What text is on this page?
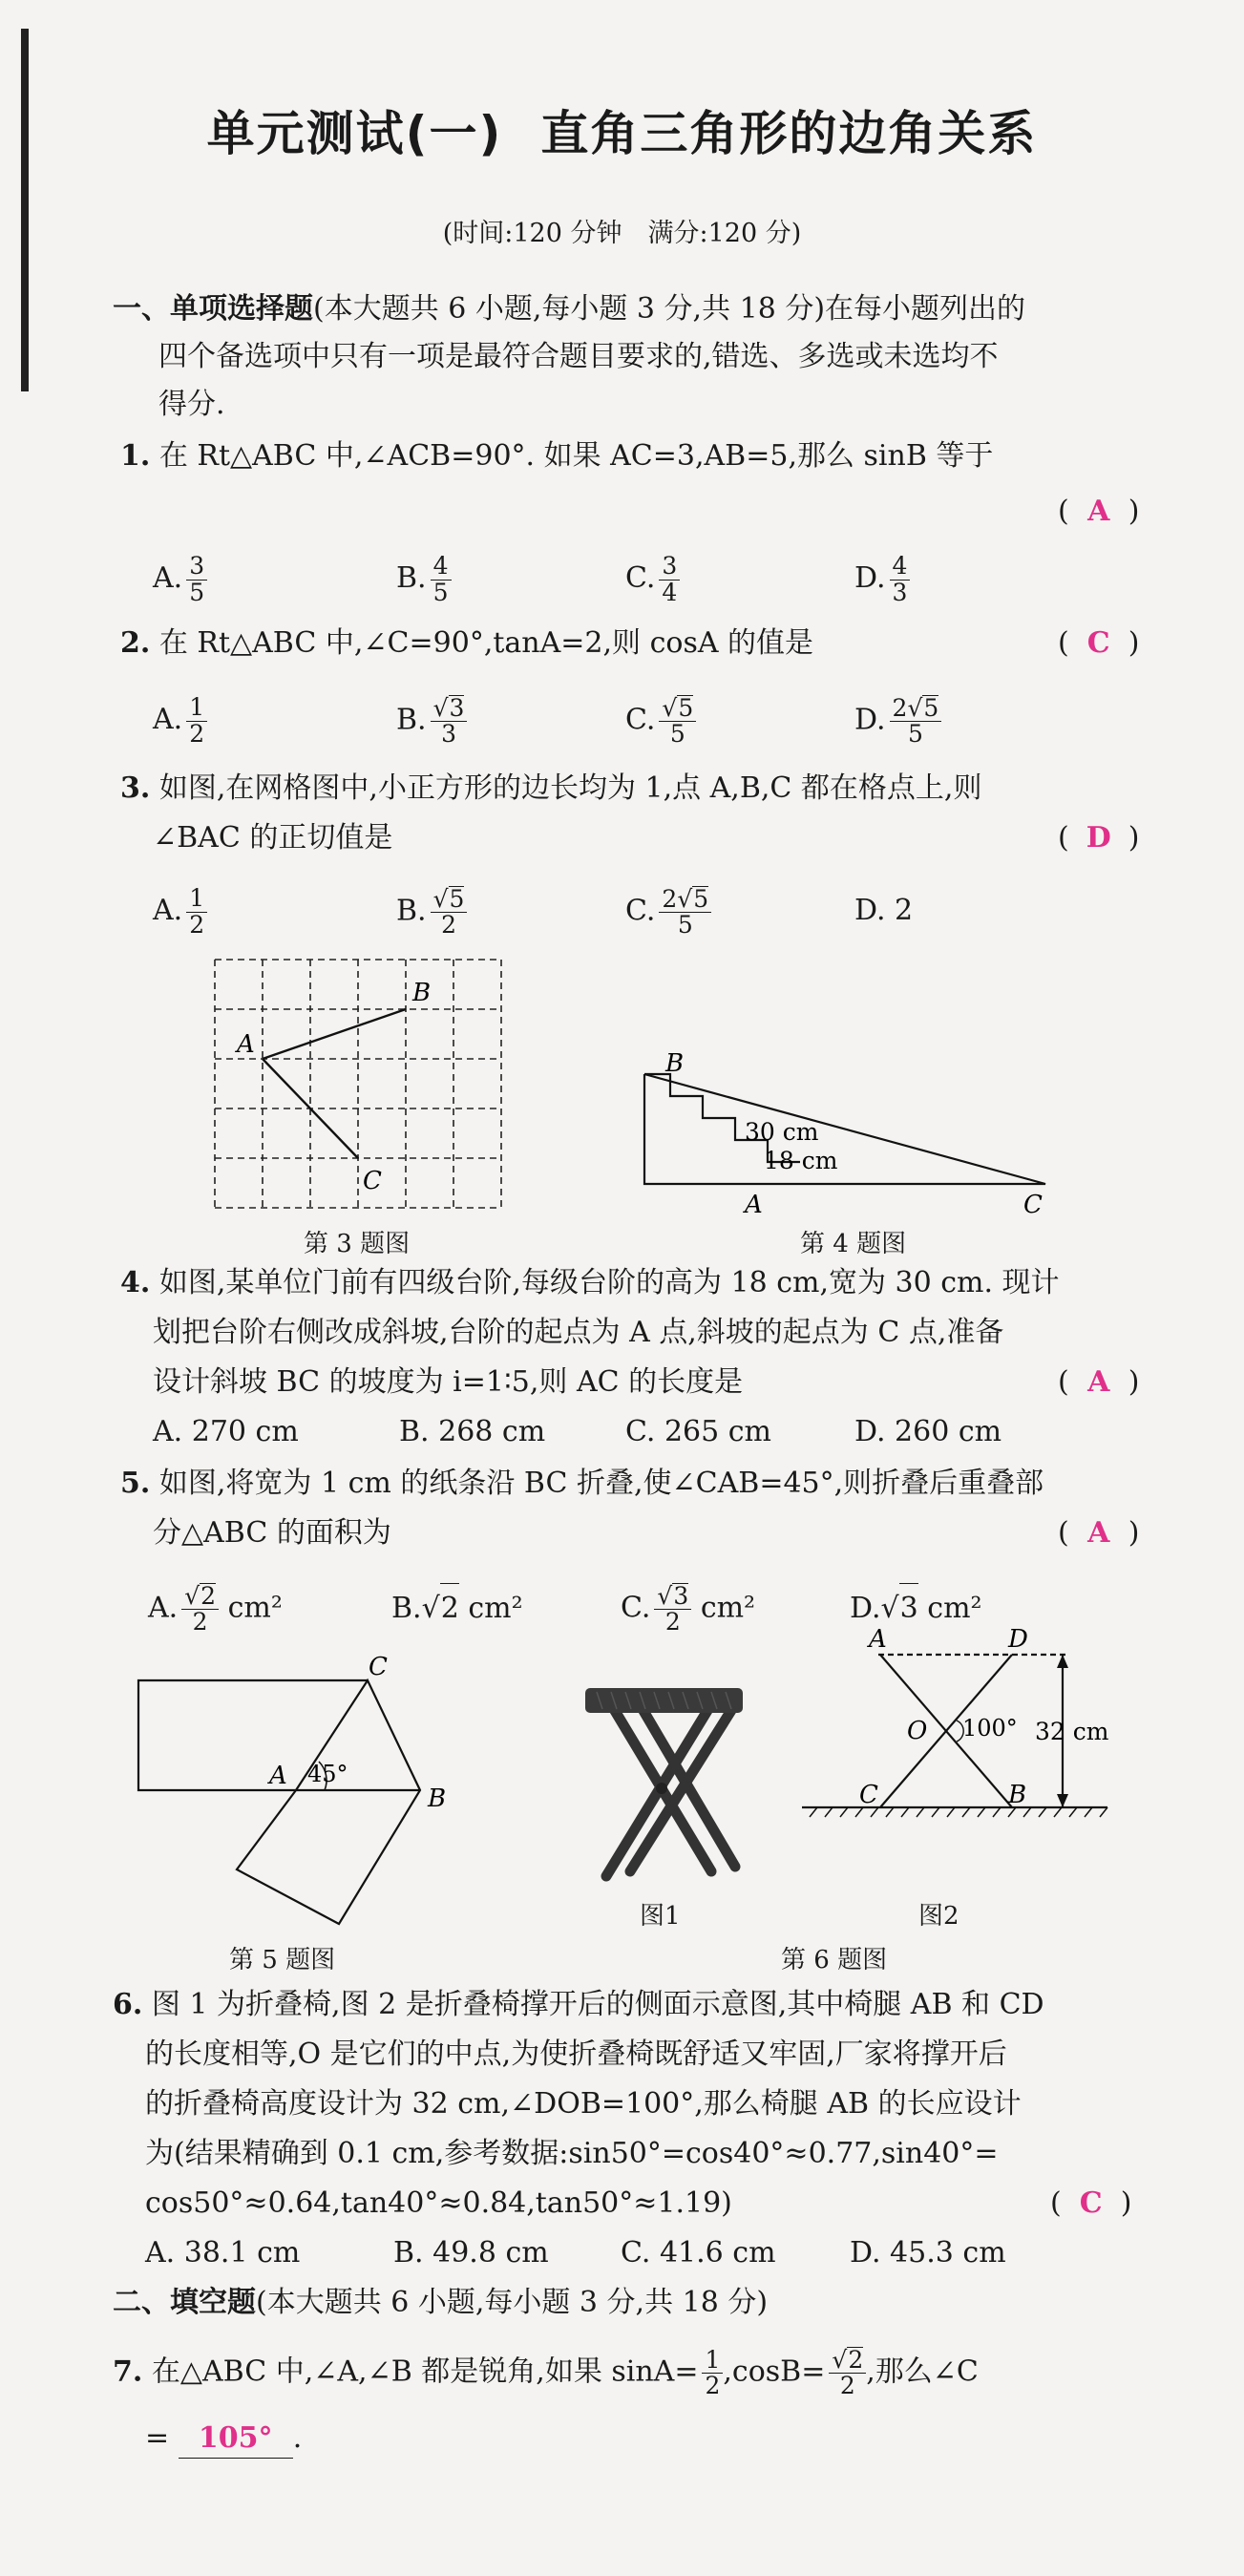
单元测试(一) 直角三角形的边角关系
(时间:120 分钟　满分:120 分)
一、单项选择题(本大题共 6 小题,每小题 3 分,共 18 分)在每小题列出的
四个备选项中只有一项是最符合题目要求的,错选、多选或未选均不
得分.
1. 在 Rt△ABC 中,∠ACB=90°. 如果 AC=3,AB=5,那么 sinB 等于
( A )
A. $\frac{3}{5}$	B. $\frac{4}{5}$	C. $\frac{3}{4}$	D. $\frac{4}{3}$
2. 在 Rt△ABC 中,∠C=90°,tanA=2,则 cosA 的值是	( C )
A. $\frac{1}{2}$	B. $\frac{√3}{3}$	C. $\frac{√5}{5}$	D. $\frac{2√5}{5}$
3. 如图,在网格图中,小正方形的边长均为 1,点 A,B,C 都在格点上,则
∠BAC 的正切值是	( D )
A. $\frac{1}{2}$	B. $\frac{√5}{2}$	C. $\frac{2√5}{5}$	D. 2
A
B
C
第 3 题图
B
30 cm
18 cm
A	C
第 4 题图
4. 如图,某单位门前有四级台阶,每级台阶的高为 18 cm,宽为 30 cm. 现计
划把台阶右侧改成斜坡,台阶的起点为 A 点,斜坡的起点为 C 点,准备
设计斜坡 BC 的坡度为 i=1∶5,则 AC 的长度是	( A )
A. 270 cm	B. 268 cm	C. 265 cm	D. 260 cm
5. 如图,将宽为 1 cm 的纸条沿 BC 折叠,使∠CAB=45°,则折叠后重叠部
分△ABC 的面积为	( A )
A. $\frac{√2}{2} cm^2$	B.√2 cm²	C. $\frac{√3}{2} cm^2$	D.√3 cm²
C
A 45°
B
第 5 题图
图1
A	D
O 100° 32 cm
C	B
图2
第 6 题图
6. 图 1 为折叠椅,图 2 是折叠椅撑开后的侧面示意图,其中椅腿 AB 和 CD
的长度相等,O 是它们的中点,为使折叠椅既舒适又牢固,厂家将撑开后
的折叠椅高度设计为 32 cm,∠DOB=100°,那么椅腿 AB 的长应设计
为(结果精确到 0.1 cm,参考数据:sin50°=cos40°≈0.77,sin40°=
cos50°≈0.64,tan40°≈0.84,tan50°≈1.19)	( C )
A. 38.1 cm	B. 49.8 cm	C. 41.6 cm	D. 45.3 cm
二、填空题(本大题共 6 小题,每小题 3 分,共 18 分)
7. 在△ABC 中,∠A,∠B 都是锐角,如果 $\sin A= \frac{1}{2} ,\cos B= \frac{√2}{2}$ ,那么∠C
= 105° .
